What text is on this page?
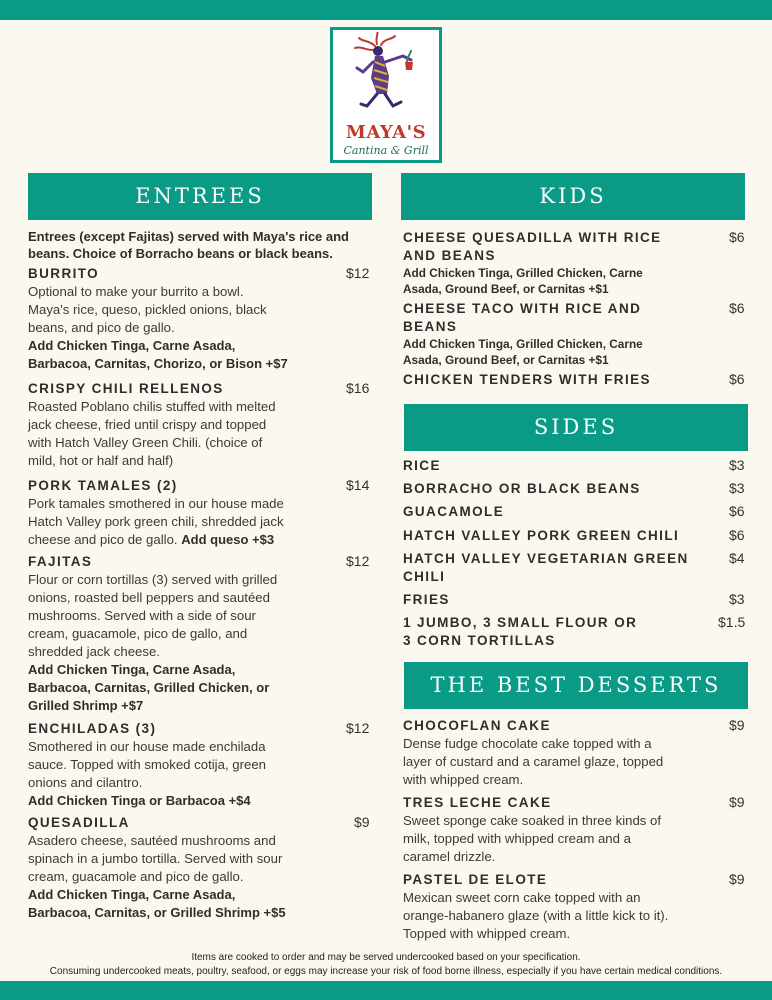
MAYA'S
Cantina & Grill
ENTREES
Entrees (except Fajitas) served with Maya's rice and beans. Choice of Borracho beans or black beans.
BURRITO	$12
Optional to make your burrito a bowl. Maya's rice, queso, pickled onions, black beans, and pico de gallo.
Add Chicken Tinga, Carne Asada, Barbacoa, Carnitas, Chorizo, or Bison +$7
CRISPY CHILI RELLENOS	$16
Roasted Poblano chilis stuffed with melted jack cheese, fried until crispy and topped with Hatch Valley Green Chili. (choice of mild, hot or half and half)
PORK TAMALES (2)	$14
Pork tamales smothered in our house made Hatch Valley pork green chili, shredded jack cheese and pico de gallo. Add queso +$3
FAJITAS	$12
Flour or corn tortillas (3) served with grilled onions, roasted bell peppers and sautéed mushrooms. Served with a side of sour cream, guacamole, pico de gallo, and shredded jack cheese.
Add Chicken Tinga, Carne Asada, Barbacoa, Carnitas, Grilled Chicken, or Grilled Shrimp +$7
ENCHILADAS (3)	$12
Smothered in our house made enchilada sauce. Topped with smoked cotija, green onions and cilantro.
Add Chicken Tinga or Barbacoa +$4
QUESADILLA	$9
Asadero cheese, sautéed mushrooms and spinach in a jumbo tortilla. Served with sour cream, guacamole and pico de gallo.
Add Chicken Tinga, Carne Asada, Barbacoa, Carnitas, or Grilled Shrimp +$5
KIDS
CHEESE QUESADILLA WITH RICE AND BEANS
$6
Add Chicken Tinga, Grilled Chicken, Carne Asada, Ground Beef, or Carnitas +$1
CHEESE TACO WITH RICE AND BEANS
$6
Add Chicken Tinga, Grilled Chicken, Carne Asada, Ground Beef, or Carnitas +$1
CHICKEN TENDERS WITH FRIES	$6
SIDES
RICE	$3
BORRACHO OR BLACK BEANS	$3
GUACAMOLE	$6
HATCH VALLEY PORK GREEN CHILI	$6
HATCH VALLEY VEGETARIAN GREEN CHILI
$4
FRIES	$3
1 JUMBO, 3 SMALL FLOUR OR 3 CORN TORTILLAS
$1.5
THE BEST DESSERTS
CHOCOFLAN CAKE	$9
Dense fudge chocolate cake topped with a layer of custard and a caramel glaze, topped with whipped cream.
TRES LECHE CAKE	$9
Sweet sponge cake soaked in three kinds of milk, topped with whipped cream and a caramel drizzle.
PASTEL DE ELOTE	$9
Mexican sweet corn cake topped with an orange-habanero glaze (with a little kick to it). Topped with whipped cream.
Items are cooked to order and may be served undercooked based on your specification.
Consuming undercooked meats, poultry, seafood, or eggs may increase your risk of food borne illness, especially if you have certain medical conditions.
